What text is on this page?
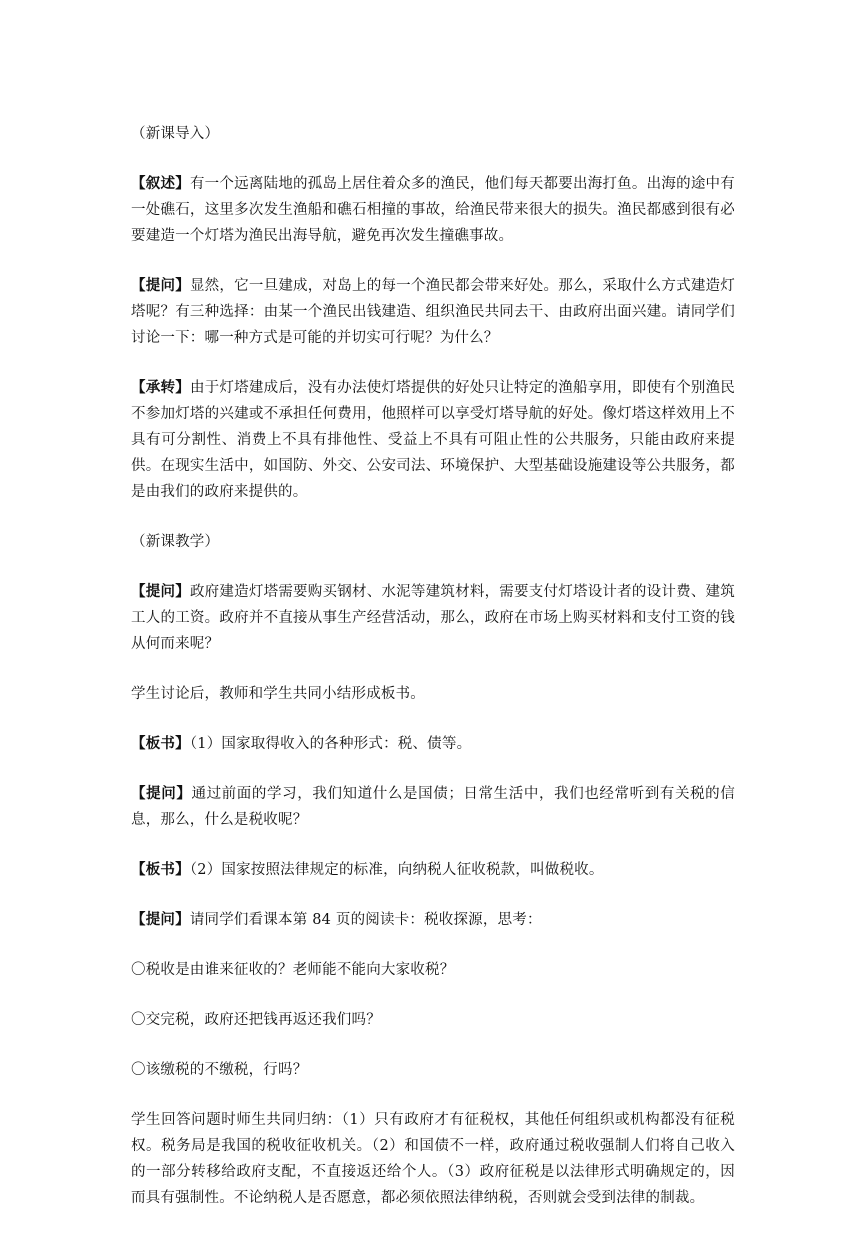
（新课导入）

【叙述】有一个远离陆地的孤岛上居住着众多的渔民，他们每天都要出海打鱼。出海的途中有一处礁石，这里多次发生渔船和礁石相撞的事故，给渔民带来很大的损失。渔民都感到很有必要建造一个灯塔为渔民出海导航，避免再次发生撞礁事故。

【提问】显然，它一旦建成，对岛上的每一个渔民都会带来好处。那么，采取什么方式建造灯塔呢？有三种选择：由某一个渔民出钱建造、组织渔民共同去干、由政府出面兴建。请同学们讨论一下：哪一种方式是可能的并切实可行呢？为什么？

【承转】由于灯塔建成后，没有办法使灯塔提供的好处只让特定的渔船享用，即使有个别渔民不参加灯塔的兴建或不承担任何费用，他照样可以享受灯塔导航的好处。像灯塔这样效用上不具有可分割性、消费上不具有排他性、受益上不具有可阻止性的公共服务，只能由政府来提供。在现实生活中，如国防、外交、公安司法、环境保护、大型基础设施建设等公共服务，都是由我们的政府来提供的。

（新课教学）

【提问】政府建造灯塔需要购买钢材、水泥等建筑材料，需要支付灯塔设计者的设计费、建筑工人的工资。政府并不直接从事生产经营活动，那么，政府在市场上购买材料和支付工资的钱从何而来呢？

学生讨论后，教师和学生共同小结形成板书。

【板书】（1）国家取得收入的各种形式：税、债等。

【提问】通过前面的学习，我们知道什么是国债；日常生活中，我们也经常听到有关税的信息，那么，什么是税收呢？

【板书】（2）国家按照法律规定的标准，向纳税人征收税款，叫做税收。

【提问】请同学们看课本第 84 页的阅读卡：税收探源，思考：

〇税收是由谁来征收的？老师能不能向大家收税？

〇交完税，政府还把钱再返还我们吗？

〇该缴税的不缴税，行吗？

学生回答问题时师生共同归纳：（1）只有政府才有征税权，其他任何组织或机构都没有征税权。税务局是我国的税收征收机关。（2）和国债不一样，政府通过税收强制人们将自己收入的一部分转移给政府支配，不直接返还给个人。（3）政府征税是以法律形式明确规定的，因而具有强制性。不论纳税人是否愿意，都必须依照法律纳税，否则就会受到法律的制裁。
